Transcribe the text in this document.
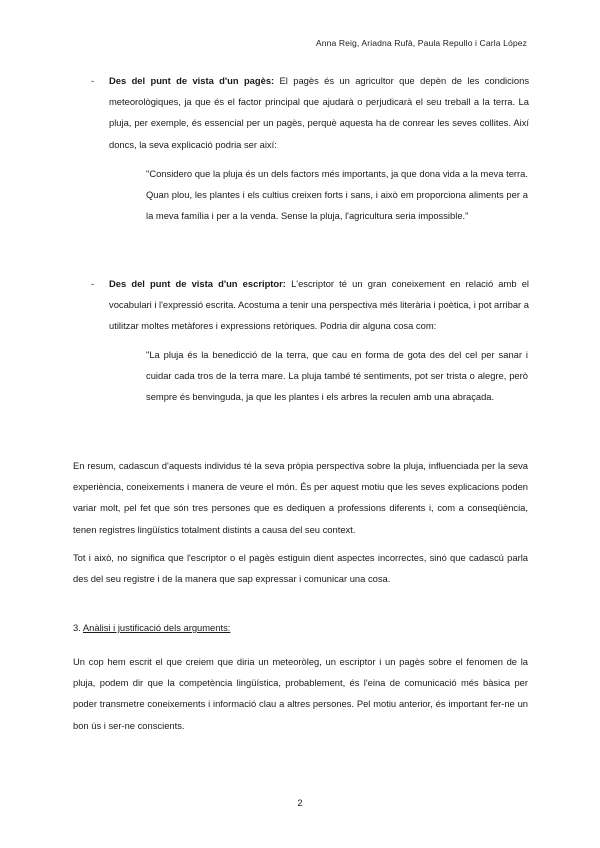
Anna Reig, Ariadna Rufà, Paula Repullo i Carla López
-	Des del punt de vista d'un pagès: El pagès és un agricultor que depèn de les condicions meteorològiques, ja que és el factor principal que ajudarà o perjudicarà el seu treball a la terra. La pluja, per exemple, és essencial per un pagès, perquè aquesta ha de conrear les seves collites. Així doncs, la seva explicació podria ser així:
"Considero que la pluja és un dels factors més importants, ja que dona vida a la meva terra. Quan plou, les plantes i els cultius creixen forts i sans, i això em proporciona aliments per a la meva família i per a la venda. Sense la pluja, l'agricultura seria impossible."
-	Des del punt de vista d'un escriptor: L'escriptor té un gran coneixement en relació amb el vocabulari i l'expressió escrita. Acostuma a tenir una perspectiva més literària i poètica, i pot arribar a utilitzar moltes metàfores i expressions retòriques. Podria dir alguna cosa com:
"La pluja és la benedicció de la terra, que cau en forma de gota des del cel per sanar i cuidar cada tros de la terra mare. La pluja també té sentiments, pot ser trista o alegre, però sempre és benvinguda, ja que les plantes i els arbres la reculen amb una abraçada.
En resum, cadascun d'aquests individus té la seva pròpia perspectiva sobre la pluja, influenciada per la seva experiència, coneixements i manera de veure el món. És per aquest motiu que les seves explicacions poden variar molt, pel fet que són tres persones que es dediquen a professions diferents i, com a conseqüència, tenen registres lingüístics totalment distints a causa del seu context.
Tot i això, no significa que l'escriptor o el pagès estiguin dient aspectes incorrectes, sinó que cadascú parla des del seu registre i de la manera que sap expressar i comunicar una cosa.
3. Anàlisi i justificació dels arguments:
Un cop hem escrit el que creiem que diria un meteoròleg, un escriptor i un pagès sobre el fenomen de la pluja, podem dir que la competència lingüística, probablement, és l'eina de comunicació més bàsica per poder transmetre coneixements i informació clau a altres persones. Pel motiu anterior, és important fer-ne un bon ús i ser-ne conscients.
2
